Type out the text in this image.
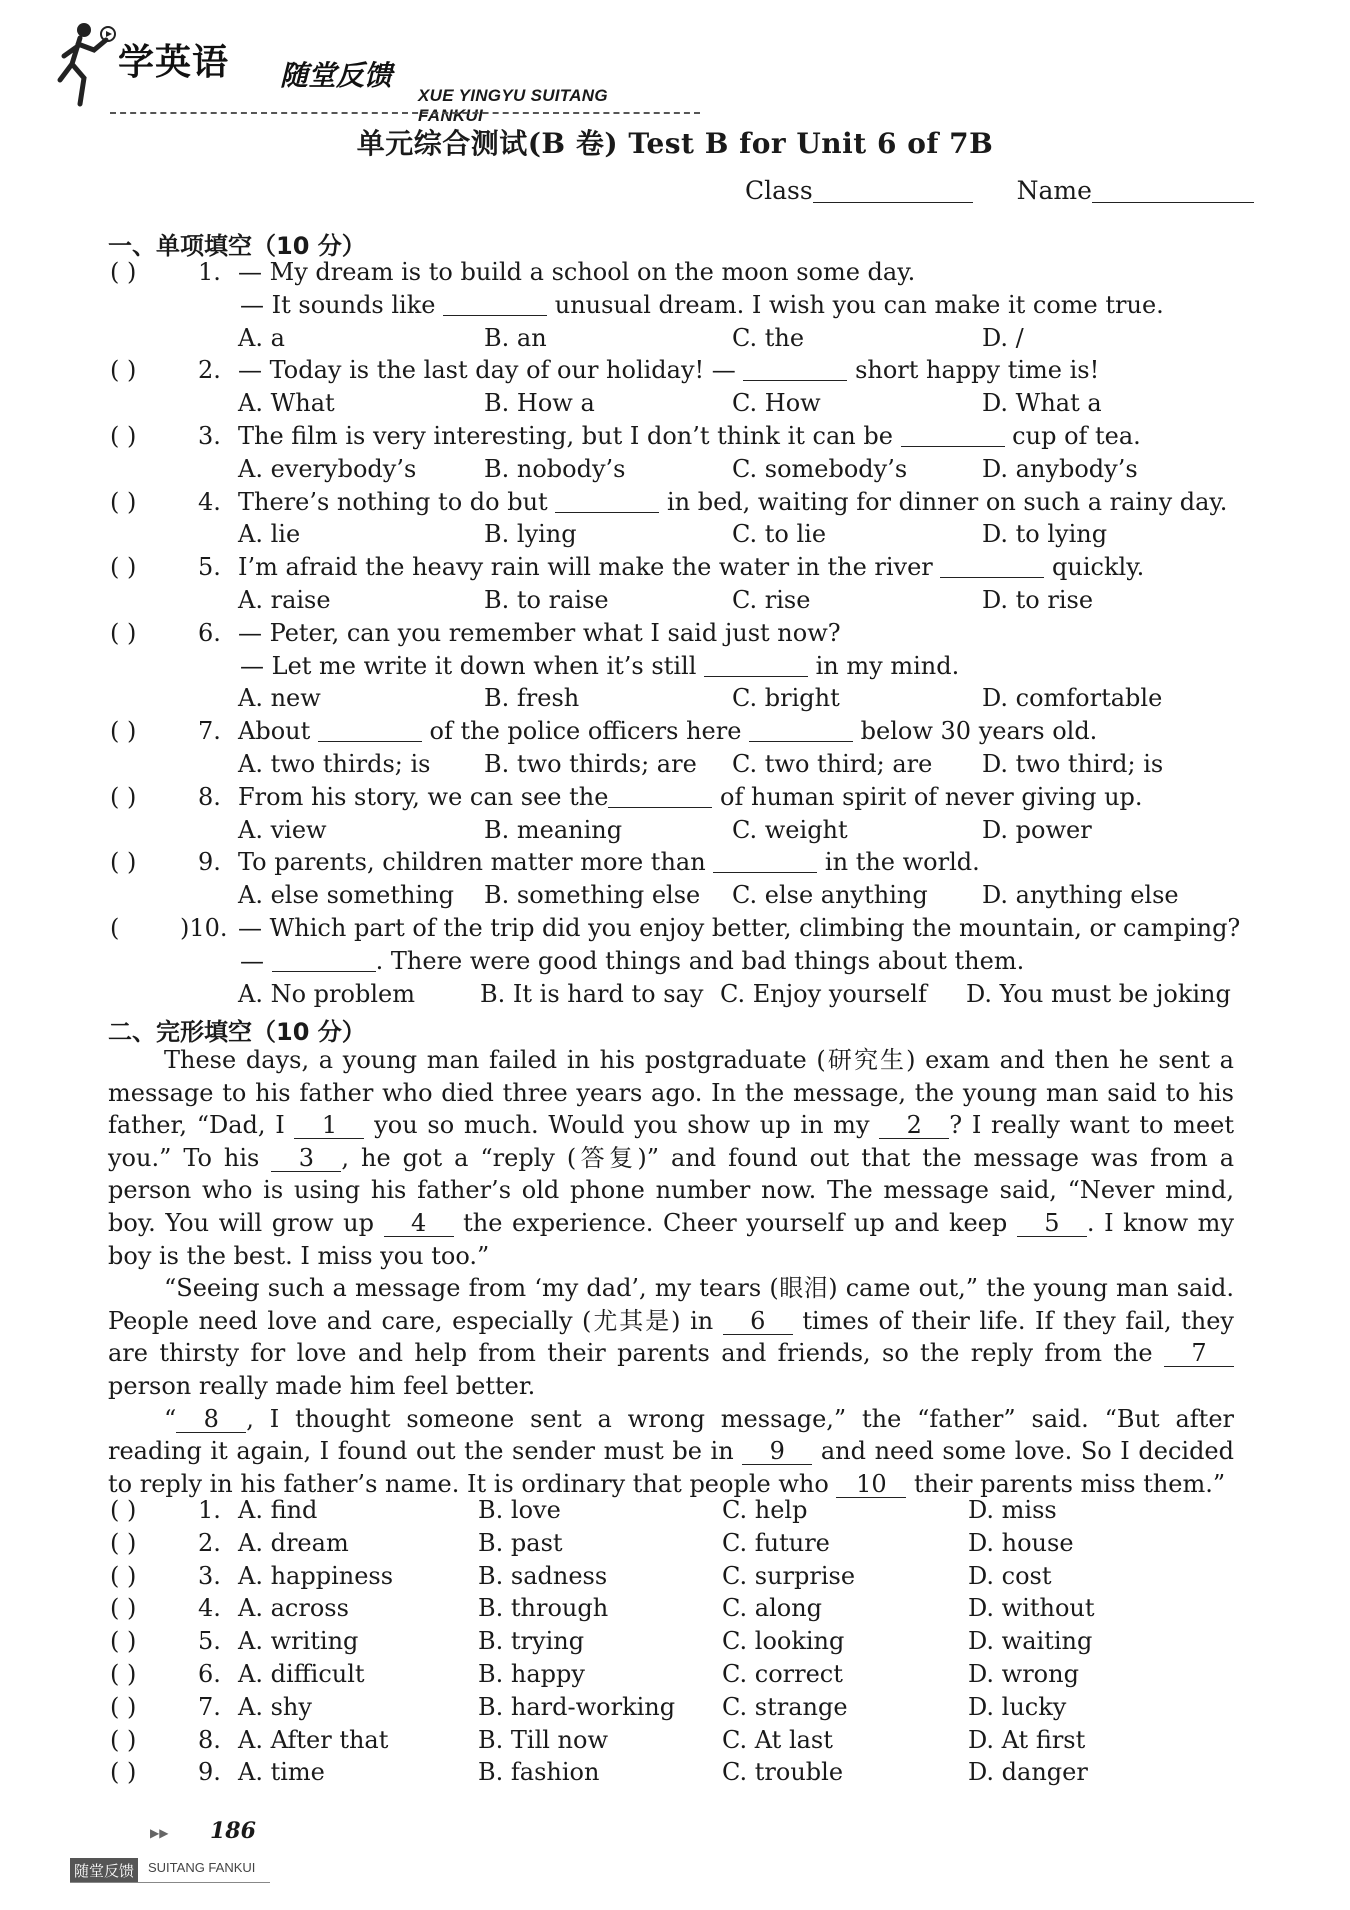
学英语 随堂反馈
XUE YINGYU SUITANG FANKUI
单元综合测试(B 卷) Test B for Unit 6 of 7B
Class	Name
一、单项填空（10 分）
( )	1. — My dream is to build a school on the moon some day.
— It sounds like	unusual dream. I wish you can make it come true.
A. a	B. an	C. the	D. /
( )	2. — Today is the last day of our holiday! —	short happy time is!
A. What	B. How a	C. How	D. What a
( )	3. The film is very interesting, but I don’t think it can be	cup of tea.
A. everybody’s	B. nobody’s	C. somebody’s	D. anybody’s
( )	4. There’s nothing to do but	in bed, waiting for dinner on such a rainy day.
A. lie	B. lying	C. to lie	D. to lying
( )	5. I’m afraid the heavy rain will make the water in the river	quickly.
A. raise	B. to raise	C. rise	D. to rise
( )	6. — Peter, can you remember what I said just now?
— Let me write it down when it’s still	in my mind.
A. new	B. fresh	C. bright	D. comfortable
( )	7. About	of the police officers here	below 30 years old.
A. two thirds; is B. two thirds; are C. two third; are D. two third; is
( )	8. From his story, we can see the	of human spirit of never giving up.
A. view	B. meaning	C. weight	D. power
( )	9. To parents, children matter more than	in the world.
A. else something B. something else C. else anything D. anything else
(	)10. — Which part of the trip did you enjoy better, climbing the mountain, or camping?
—	. There were good things and bad things about them.
A. No problem	B. It is hard to say C. Enjoy yourself D. You must be joking
二、完形填空（10 分）

These days, a young man failed in his postgraduate (研究生) exam and then he sent a message to his father who died three years ago. In the message, the young man said to his father, “Dad, I 1 you so much. Would you show up in my 2 ? I really want to meet you.” To his 3 , he got a “reply (答复)” and found out that the message was from a person who is using his father’s old phone number now. The message said, “Never mind, boy. You will grow up 4 the experience. Cheer yourself up and keep 5 . I know my boy is the best. I miss you too.”

“Seeing such a message from ‘my dad’, my tears (眼泪) came out,” the young man said. People need love and care, especially (尤其是) in 6 times of their life. If they fail, they are thirsty for love and help from their parents and friends, so the reply from the 7 person really made him feel better.

“ 8 , I thought someone sent a wrong message,” the “father” said. “But after reading it again, I found out the sender must be in 9 and need some love. So I decided to reply in his father’s name. It is ordinary that people who 10 their parents miss them.”

( )	1. A. find	B. love	C. help	D. miss
( )	2. A. dream	B. past	C. future	D. house
( )	3. A. happiness	B. sadness	C. surprise	D. cost
( )	4. A. across	B. through	C. along	D. without
( )	5. A. writing	B. trying	C. looking	D. waiting
( )	6. A. difficult	B. happy	C. correct	D. wrong
( )	7. A. shy	B. hard-working C. strange	D. lucky
( )	8. A. After that	B. Till now	C. At last	D. At first
( )	9. A. time	B. fashion	C. trouble	D. danger
▶▶ 186
随堂反馈	SUITANG FANKUI
